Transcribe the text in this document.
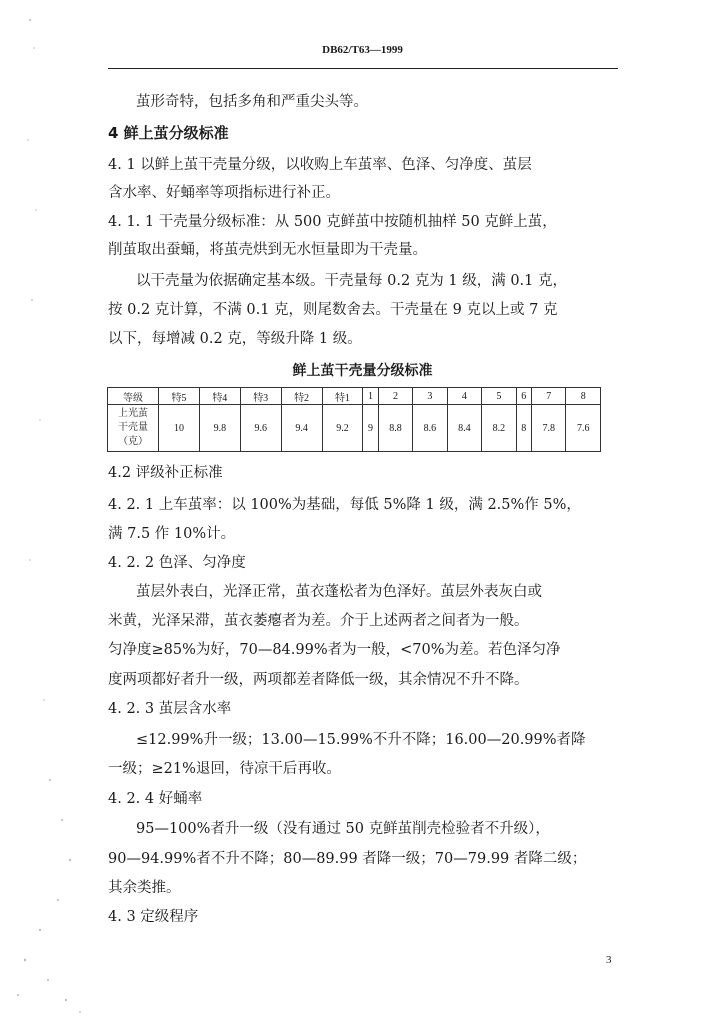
DB62/T63—1999
茧形奇特，包括多角和严重尖头等。
4 鲜上茧分级标准
4. 1 以鲜上茧干壳量分级，以收购上车茧率、色泽、匀净度、茧层
含水率、好蛹率等项指标进行补正。
4. 1. 1 干壳量分级标准：从 500 克鲜茧中按随机抽样 50 克鲜上茧，
削茧取出蚕蛹，将茧壳烘到无水恒量即为干壳量。
以干壳量为依据确定基本级。干壳量每 0.2 克为 1 级，满 0.1 克，
按 0.2 克计算，不满 0.1 克，则尾数舍去。干壳量在 9 克以上或 7 克
以下，每增减 0.2 克，等级升降 1 级。
鲜上茧干壳量分级标准
等级	特5	特4	特3	特2	特1	1	2	3	4	5	6	7	8

上光茧
干壳量
（克）	10	9.8	9.6	9.4	9.2	9	8.8	8.6	8.4	8.2	8	7.8	7.6
4.2 评级补正标准
4. 2. 1 上车茧率：以 100%为基础，每低 5%降 1 级，满 2.5%作 5%，
满 7.5 作 10%计。
4. 2. 2 色泽、匀净度
茧层外表白，光泽正常，茧衣蓬松者为色泽好。茧层外表灰白或
米黄，光泽呆滞，茧衣萎瘪者为差。介于上述两者之间者为一般。
匀净度≥85%为好，70—84.99%者为一般，<70%为差。若色泽匀净
度两项都好者升一级，两项都差者降低一级，其余情况不升不降。
4. 2. 3 茧层含水率
≤12.99%升一级；13.00—15.99%不升不降；16.00—20.99%者降
一级；≥21%退回，待凉干后再收。
4. 2. 4 好蛹率
95—100%者升一级（没有通过 50 克鲜茧削壳检验者不升级），
90—94.99%者不升不降；80—89.99 者降一级；70—79.99 者降二级；
其余类推。
4. 3 定级程序
3
